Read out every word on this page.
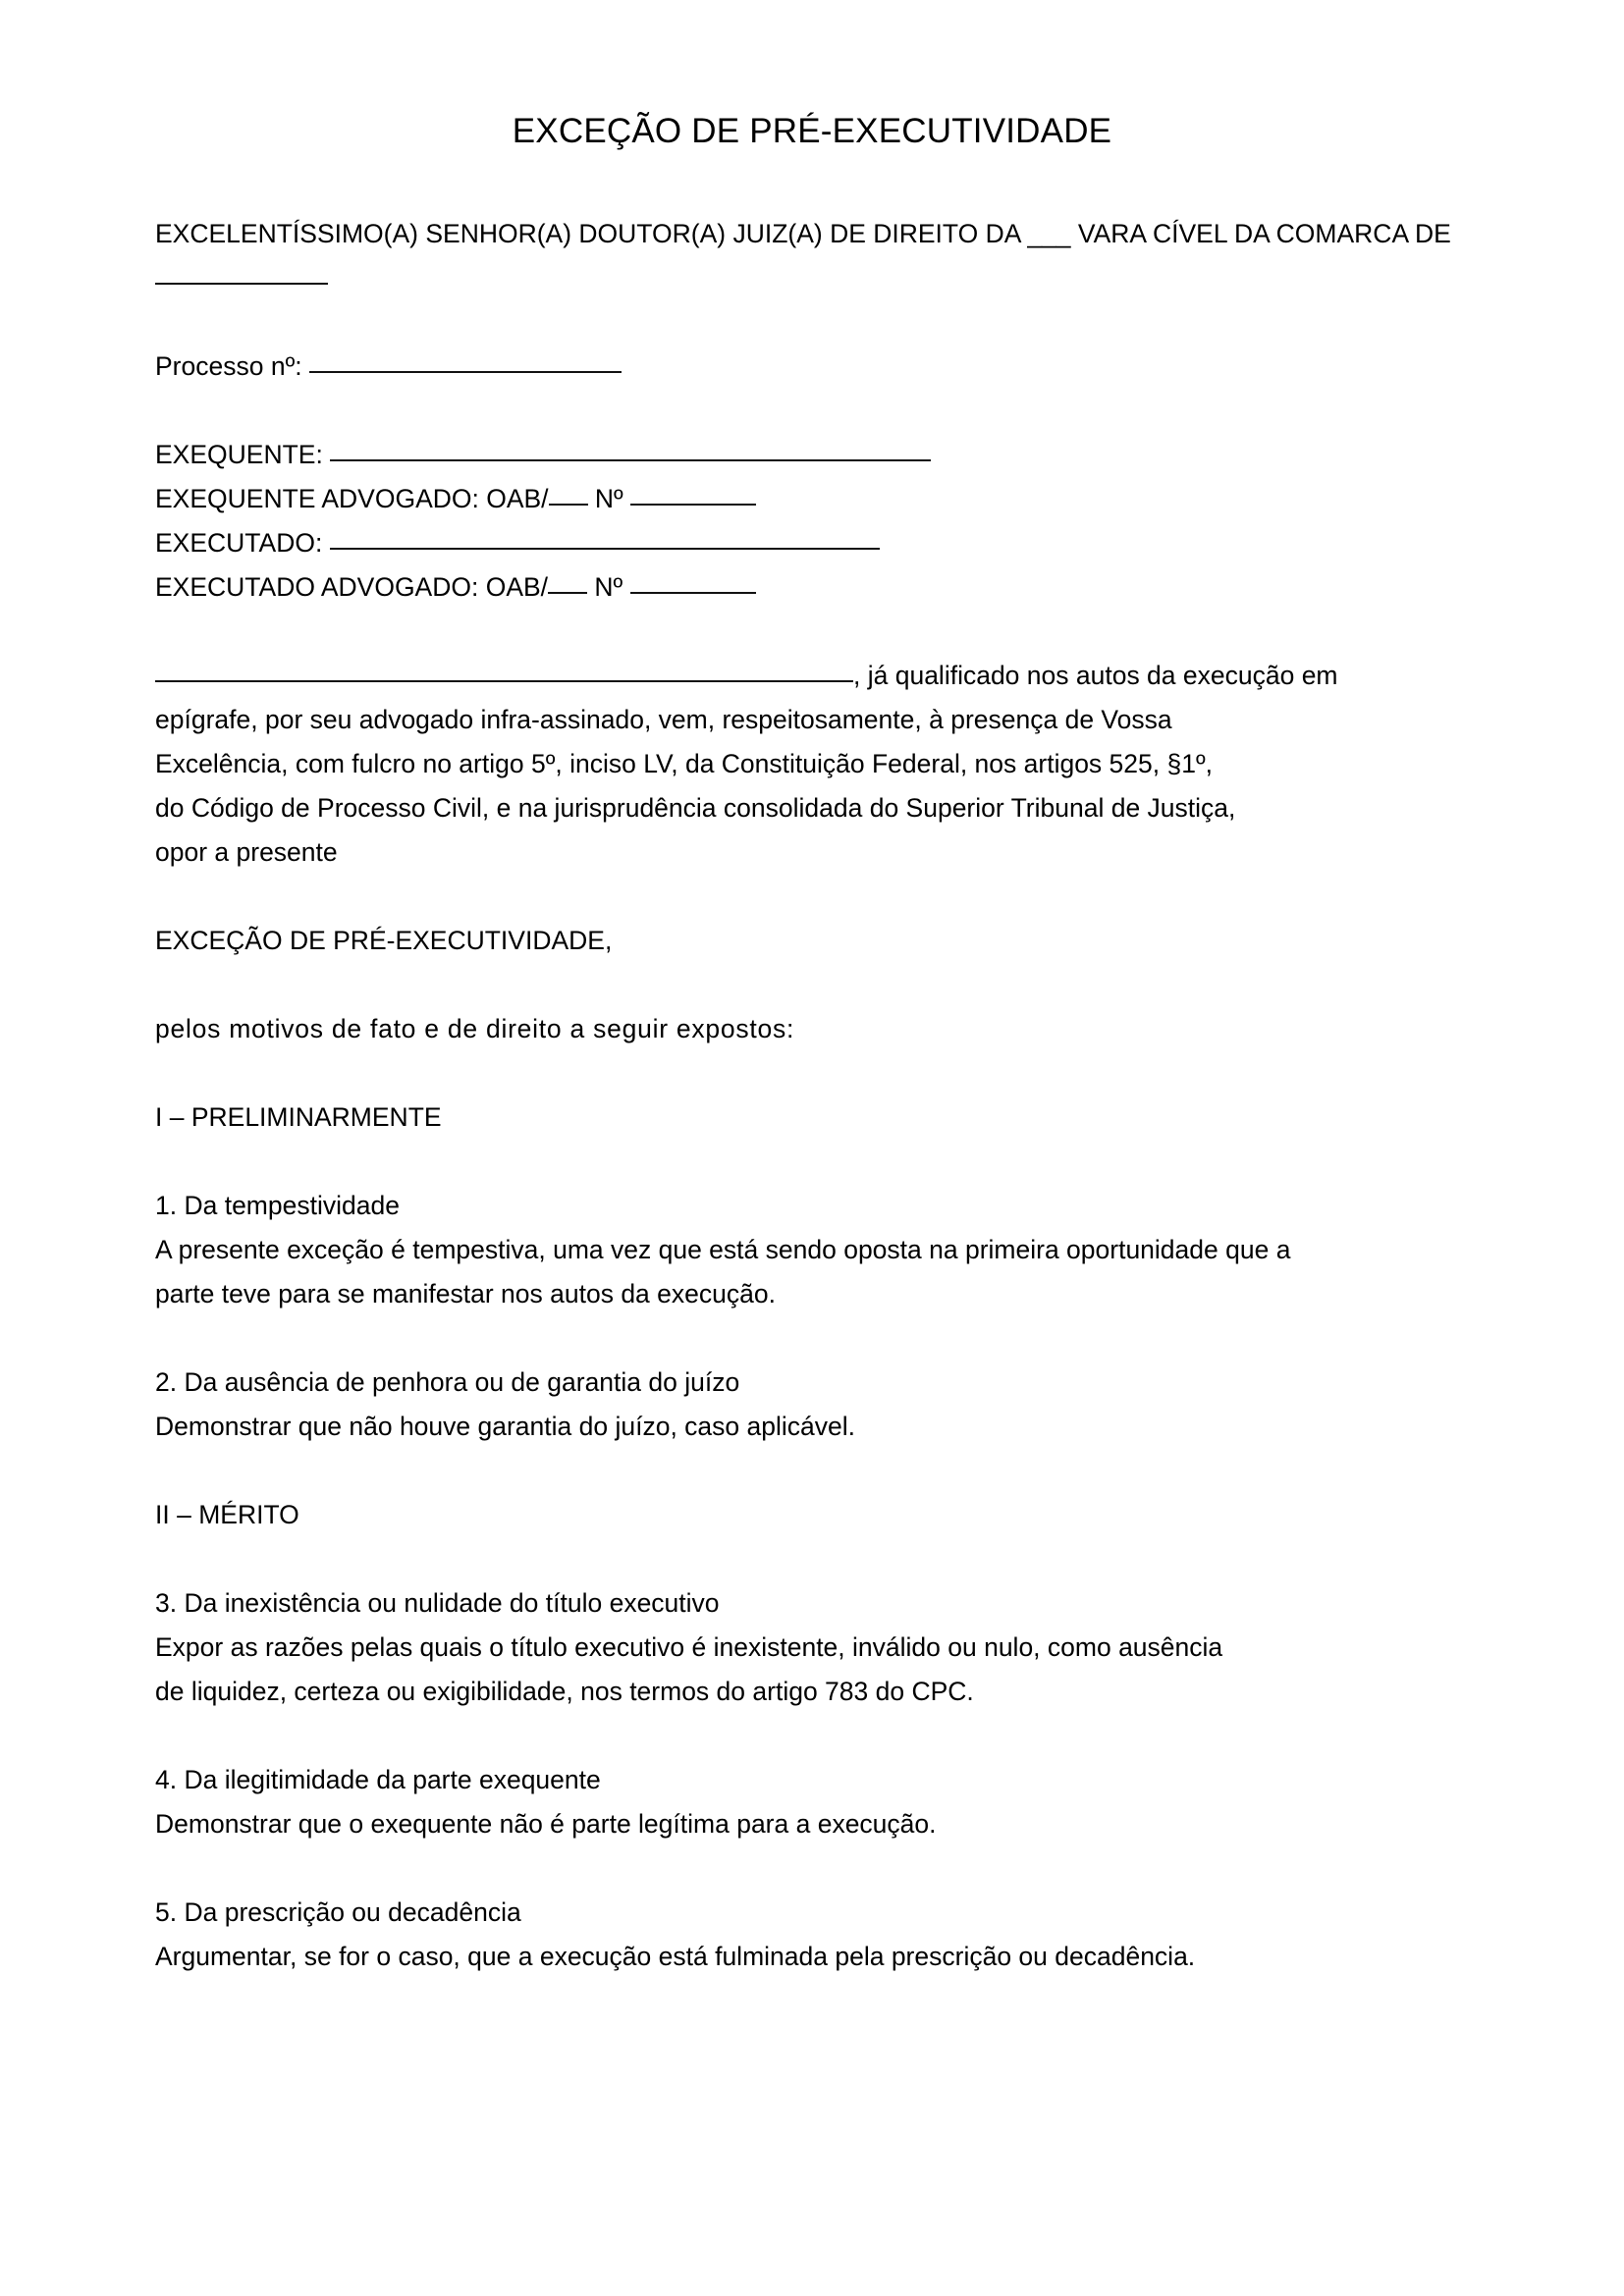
EXCEÇÃO DE PRÉ-EXECUTIVIDADE
EXCELENTÍSSIMO(A) SENHOR(A) DOUTOR(A) JUIZ(A) DE DIREITO DA ___ VARA CÍVEL DA COMARCA DE
Processo nº:
EXEQUENTE:
EXEQUENTE ADVOGADO: OAB/ Nº
EXECUTADO:
EXECUTADO ADVOGADO: OAB/ Nº
, já qualificado nos autos da execução em
epígrafe, por seu advogado infra-assinado, vem, respeitosamente, à presença de Vossa
Excelência, com fulcro no artigo 5º, inciso LV, da Constituição Federal, nos artigos 525, §1º,
do Código de Processo Civil, e na jurisprudência consolidada do Superior Tribunal de Justiça,
opor a presente
EXCEÇÃO DE PRÉ-EXECUTIVIDADE,
pelos motivos de fato e de direito a seguir expostos:
I – PRELIMINARMENTE
1. Da tempestividade
A presente exceção é tempestiva, uma vez que está sendo oposta na primeira oportunidade que a
parte teve para se manifestar nos autos da execução.
2. Da ausência de penhora ou de garantia do juízo
Demonstrar que não houve garantia do juízo, caso aplicável.
II – MÉRITO
3. Da inexistência ou nulidade do título executivo
Expor as razões pelas quais o título executivo é inexistente, inválido ou nulo, como ausência
de liquidez, certeza ou exigibilidade, nos termos do artigo 783 do CPC.
4. Da ilegitimidade da parte exequente
Demonstrar que o exequente não é parte legítima para a execução.
5. Da prescrição ou decadência
Argumentar, se for o caso, que a execução está fulminada pela prescrição ou decadência.
